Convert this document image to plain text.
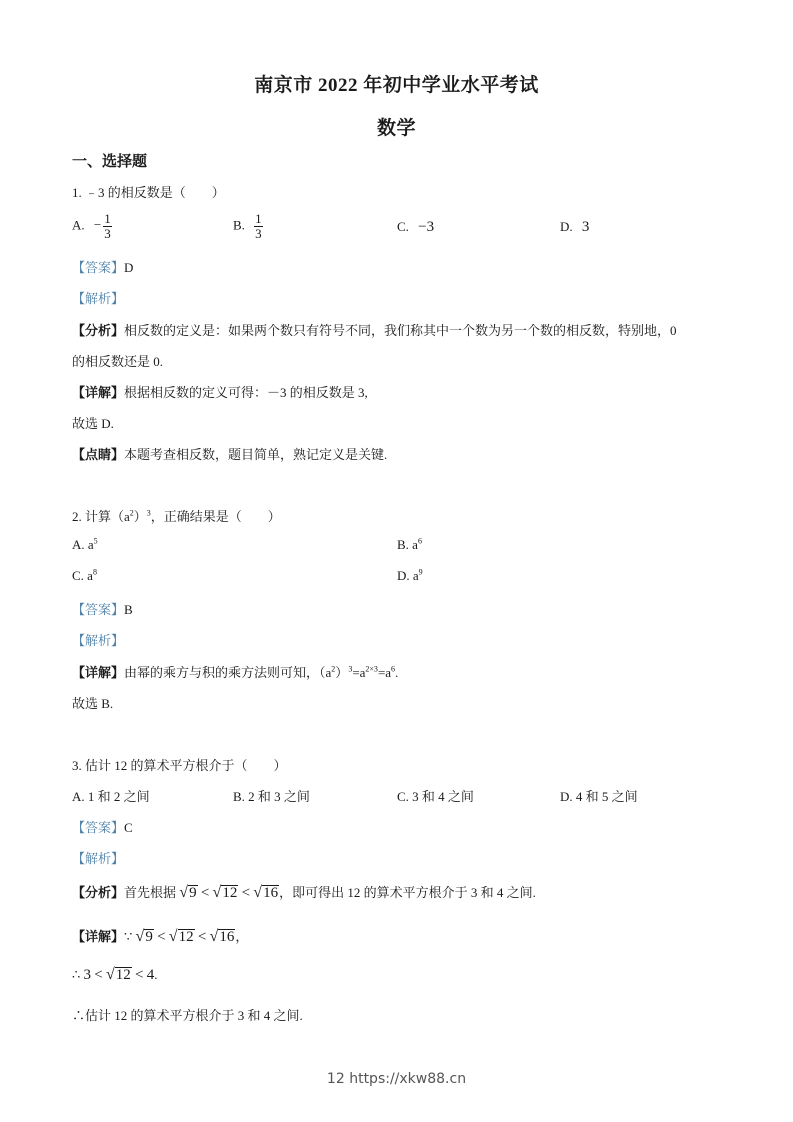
南京市 2022 年初中学业水平考试
数学
一、选择题
1. ﹣3 的相反数是（　　）
A. − $\frac{1}{3}$	B. $\frac{1}{3}$	C. −3	D. 3
【答案】D
【解析】
【分析】相反数的定义是：如果两个数只有符号不同，我们称其中一个数为另一个数的相反数，特别地，0
的相反数还是 0.
【详解】根据相反数的定义可得：－3 的相反数是 3,
故选 D.
【点睛】本题考查相反数，题目简单，熟记定义是关键.
2. 计算$(a^2)^3$，正确结果是（　　）
A. $a^5$	B. $a^6$
C. $a^8$	D. $a^9$
【答案】B
【解析】
【详解】由幂的乘方与积的乘方法则可知，$(a^2)^3=a^{2\times 3}=a^6$.
故选 B.
3. 估计 12 的算术平方根介于（　　）
A. 1 和 2 之间	B. 2 和 3 之间	C. 3 和 4 之间	D. 4 和 5 之间
【答案】C
【解析】
【分析】首先根据 √ 9 < √ 12 < √ 16 ，即可得出 12 的算术平方根介于 3 和 4 之间.
【详解】∵ √ 9 < √ 12 < √ 16 ，
∴ 3 < √ 12 < 4.
∴估计 12 的算术平方根介于 3 和 4 之间.
12 https://xkw88.cn
